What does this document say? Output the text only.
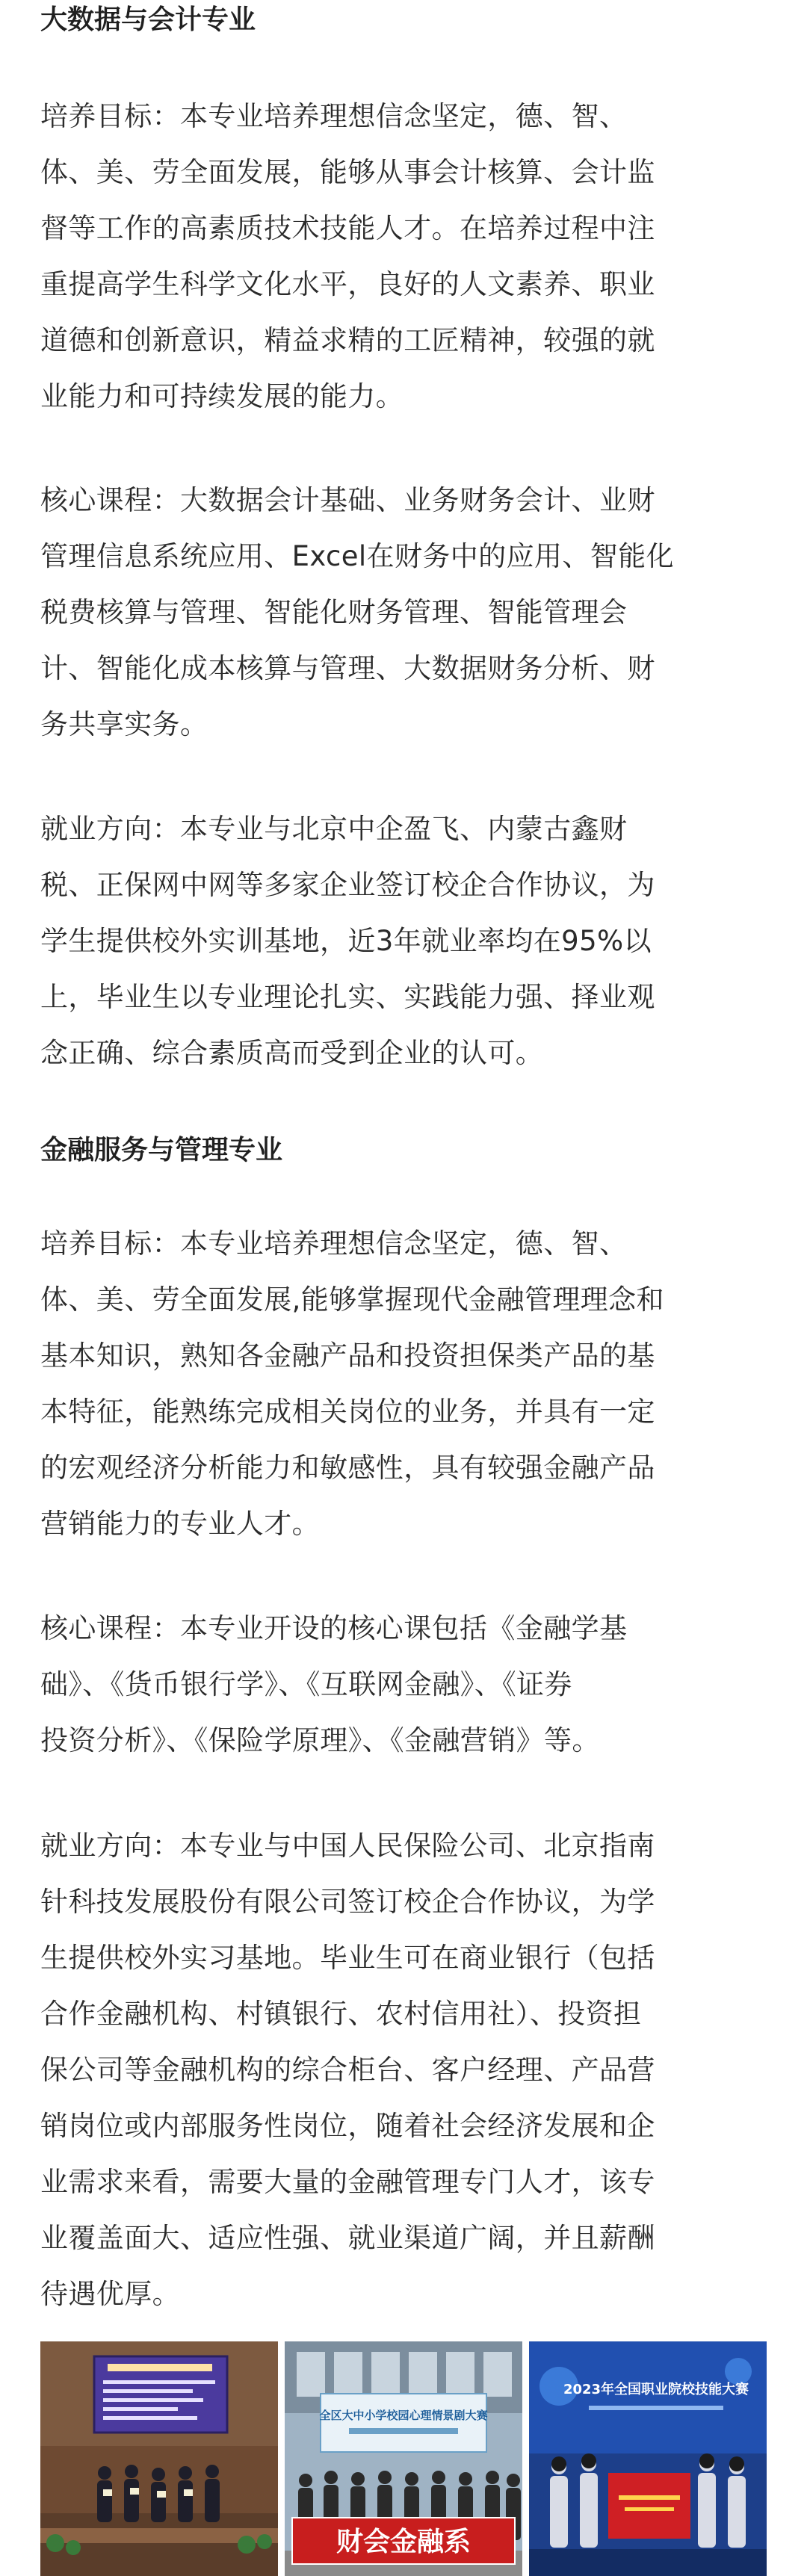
大数据与会计专业
培养目标：本专业培养理想信念坚定，德、智、
体、美、劳全面发展，能够从事会计核算、会计监
督等工作的高素质技术技能人才。在培养过程中注
重提高学生科学文化水平，良好的人文素养、职业
道德和创新意识，精益求精的工匠精神，较强的就
业能力和可持续发展的能力。
核心课程：大数据会计基础、业务财务会计、业财
管理信息系统应用、Excel在财务中的应用、智能化
税费核算与管理、智能化财务管理、智能管理会
计、智能化成本核算与管理、大数据财务分析、财
务共享实务。
就业方向：本专业与北京中企盈飞、内蒙古鑫财
税、正保网中网等多家企业签订校企合作协议，为
学生提供校外实训基地，近3年就业率均在95%以
上，毕业生以专业理论扎实、实践能力强、择业观
念正确、综合素质高而受到企业的认可。
金融服务与管理专业
培养目标：本专业培养理想信念坚定，德、智、
体、美、劳全面发展,能够掌握现代金融管理理念和
基本知识，熟知各金融产品和投资担保类产品的基
本特征，能熟练完成相关岗位的业务，并具有一定
的宏观经济分析能力和敏感性，具有较强金融产品
营销能力的专业人才。
核心课程：本专业开设的核心课包括《金融学基
础》、《货币银行学》、《互联网金融》、《证券
投资分析》、《保险学原理》、《金融营销》等。
就业方向：本专业与中国人民保险公司、北京指南
针科技发展股份有限公司签订校企合作协议，为学
生提供校外实习基地。毕业生可在商业银行（包括
合作金融机构、村镇银行、农村信用社）、投资担
保公司等金融机构的综合柜台、客户经理、产品营
销岗位或内部服务性岗位，随着社会经济发展和企
业需求来看，需要大量的金融管理专门人才，该专
业覆盖面大、适应性强、就业渠道广阔，并且薪酬
待遇优厚。
全区大中小学校园心理情景剧大赛
财会金融系
2023年全国职业院校技能大赛
